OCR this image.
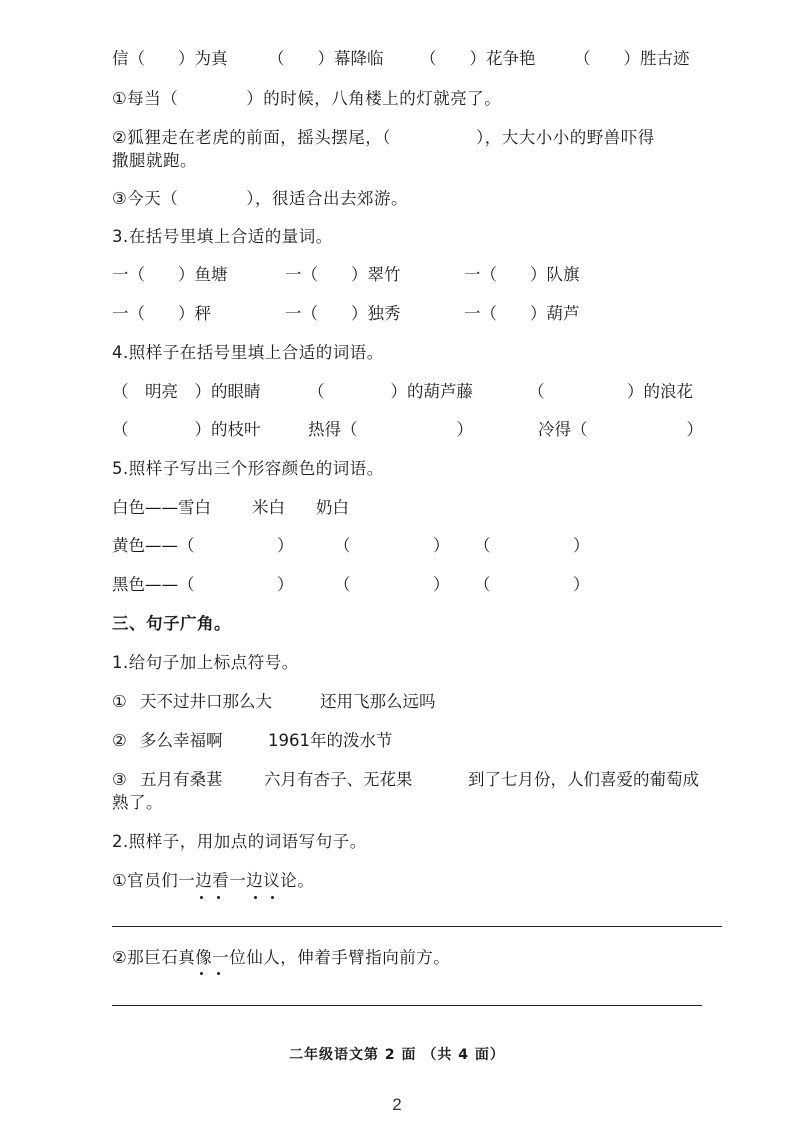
信（　　）为真 （　　）幕降临 （　　）花争艳 （　　）胜古迹
①每当（　　　　）的时候，八角楼上的灯就亮了。
②狐狸走在老虎的前面，摇头摆尾，（　　　　　），大大小小的野兽吓得
撒腿就跑。
③今天（　　　　），很适合出去郊游。
3.在括号里填上合适的量词。
一（　　）鱼塘	一（　　）翠竹	一（　　）队旗
一（　　）秤	一（　　）独秀	一（　　）葫芦
4.照样子在括号里填上合适的词语。
（　明亮　）的眼睛	（　　　　）的葫芦藤	（　　　　　）的浪花
（　　　　）的枝叶	热得（　　　　　　）	冷得（　　　　　　）
5.照样子写出三个形容颜色的词语。
白色——雪白 米白 奶白
黄色——（　　　　　） （　　　　　） （　　　　　）
黑色——（　　　　　） （　　　　　） （　　　　　）
三、句子广角。
1.给句子加上标点符号。
① 天不过井口那么大	还用飞那么远吗
② 多么幸福啊	1961年的泼水节
③ 五月有桑葚	六月有杏子、无花果	到了七月份，人们喜爱的葡萄成
熟了。
2.照样子，用加点的词语写句子。
①官员们一边看一边议论。
②那巨石真像一位仙人，伸着手臂指向前方。
二年级语文第 2 面 （共 4 面）
2
